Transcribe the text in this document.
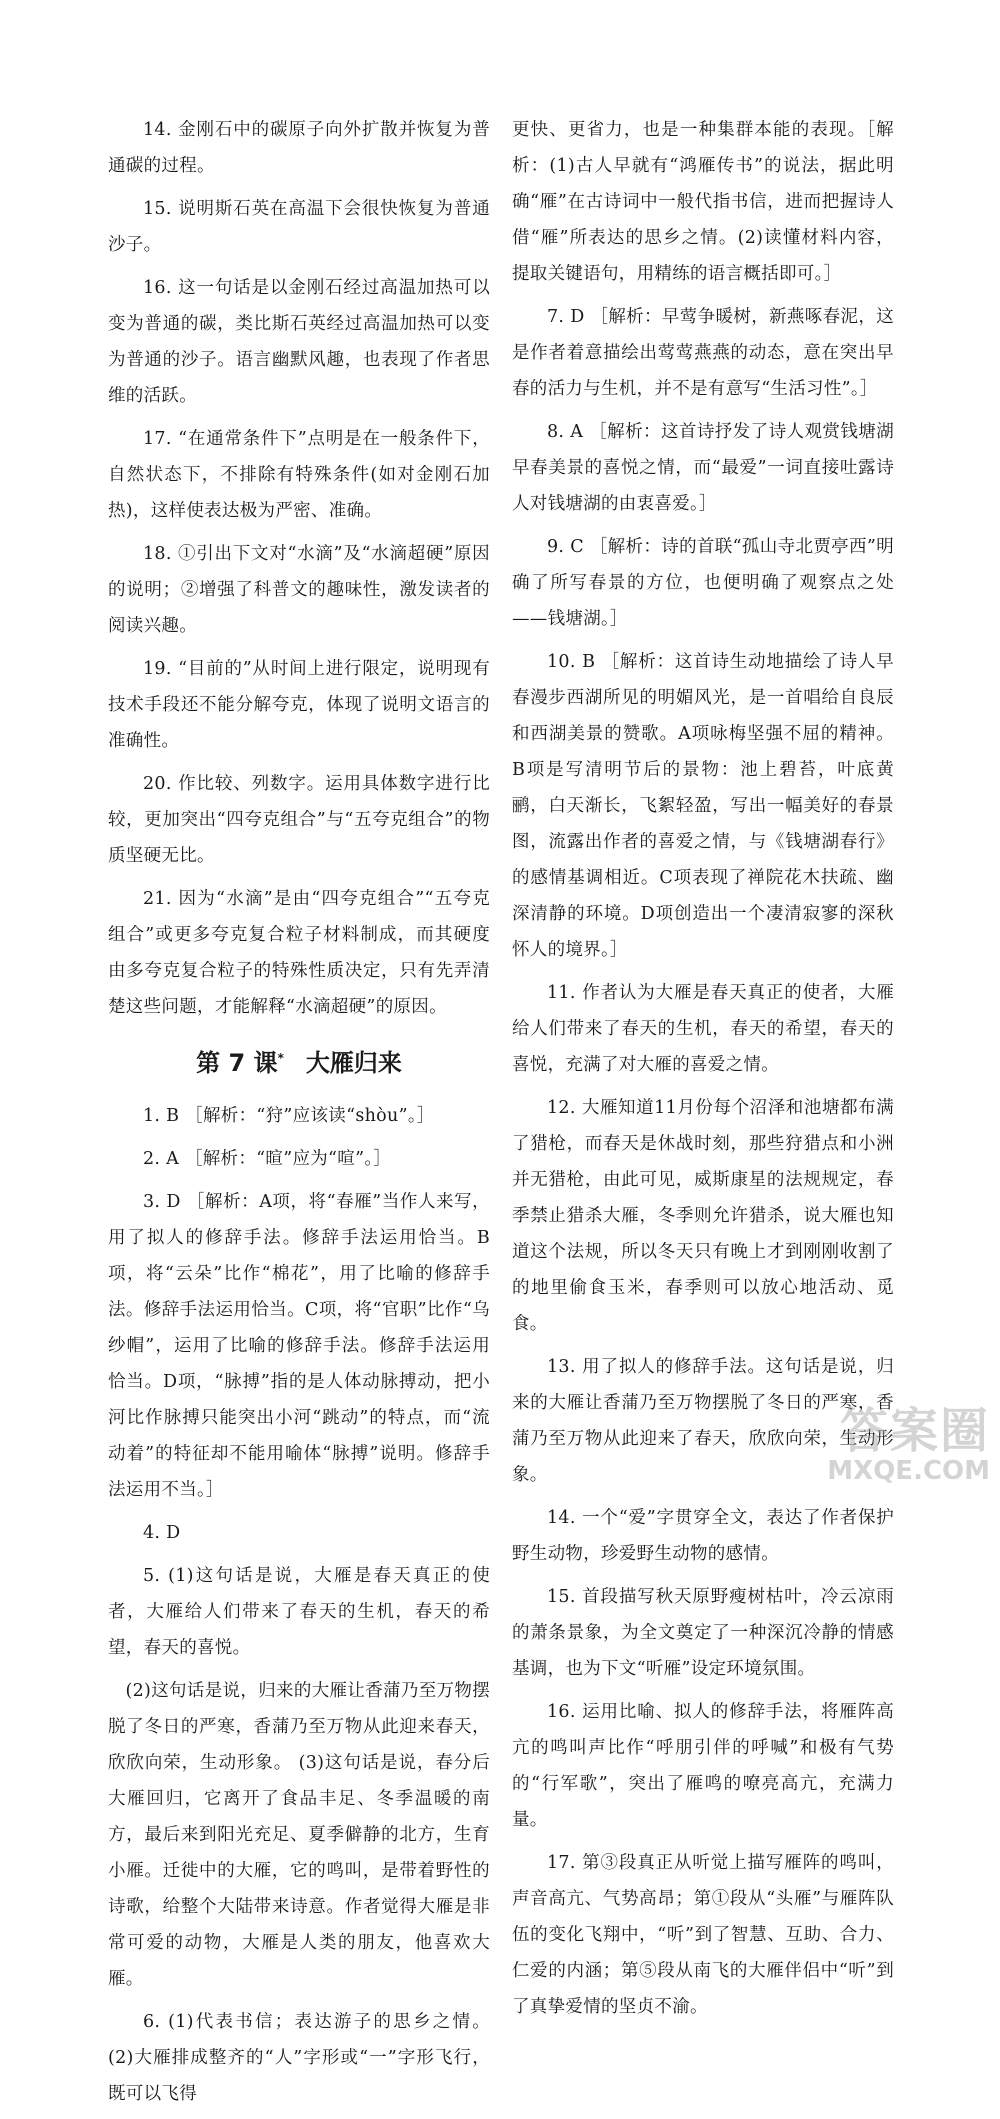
14. 金刚石中的碳原子向外扩散并恢复为普通碳的过程。

15. 说明斯石英在高温下会很快恢复为普通沙子。

16. 这一句话是以金刚石经过高温加热可以变为普通的碳，类比斯石英经过高温加热可以变为普通的沙子。语言幽默风趣，也表现了作者思维的活跃。

17. “在通常条件下”点明是在一般条件下，自然状态下，不排除有特殊条件(如对金刚石加热)，这样使表达极为严密、准确。

18. ①引出下文对“水滴”及“水滴超硬”原因的说明；②增强了科普文的趣味性，激发读者的阅读兴趣。

19. “目前的”从时间上进行限定，说明现有技术手段还不能分解夸克，体现了说明文语言的准确性。

20. 作比较、列数字。运用具体数字进行比较，更加突出“四夸克组合”与“五夸克组合”的物质坚硬无比。

21. 因为“水滴”是由“四夸克组合”“五夸克组合”或更多夸克复合粒子材料制成，而其硬度由多夸克复合粒子的特殊性质决定，只有先弄清楚这些问题，才能解释“水滴超硬”的原因。

第 7 课* 大雁归来

1. B ［解析：“狩”应该读“shòu”。］

2. A ［解析：“暄”应为“喧”。］

3. D ［解析：A项，将“春雁”当作人来写，用了拟人的修辞手法。修辞手法运用恰当。B项，将“云朵”比作“棉花”，用了比喻的修辞手法。修辞手法运用恰当。C项，将“官职”比作“乌纱帽”，运用了比喻的修辞手法。修辞手法运用恰当。D项，“脉搏”指的是人体动脉搏动，把小河比作脉搏只能突出小河“跳动”的特点，而“流动着”的特征却不能用喻体“脉搏”说明。修辞手法运用不当。］

4. D

5. (1)这句话是说，大雁是春天真正的使者，大雁给人们带来了春天的生机，春天的希望，春天的喜悦。

(2)这句话是说，归来的大雁让香蒲乃至万物摆脱了冬日的严寒，香蒲乃至万物从此迎来春天，欣欣向荣，生动形象。 (3)这句话是说，春分后大雁回归，它离开了食品丰足、冬季温暖的南方，最后来到阳光充足、夏季僻静的北方，生育小雁。迁徙中的大雁，它的鸣叫，是带着野性的诗歌，给整个大陆带来诗意。作者觉得大雁是非常可爱的动物，大雁是人类的朋友，他喜欢大雁。

6. (1)代表书信；表达游子的思乡之情。 (2)大雁排成整齐的“人”字形或“一”字形飞行，既可以飞得

更快、更省力，也是一种集群本能的表现。［解析：(1)古人早就有“鸿雁传书”的说法，据此明确“雁”在古诗词中一般代指书信，进而把握诗人借“雁”所表达的思乡之情。(2)读懂材料内容，提取关键语句，用精练的语言概括即可。］

7. D ［解析：早莺争暖树，新燕啄春泥，这是作者着意描绘出莺莺燕燕的动态，意在突出早春的活力与生机，并不是有意写“生活习性”。］

8. A ［解析：这首诗抒发了诗人观赏钱塘湖早春美景的喜悦之情，而“最爱”一词直接吐露诗人对钱塘湖的由衷喜爱。］

9. C ［解析：诗的首联“孤山寺北贾亭西”明确了所写春景的方位，也便明确了观察点之处——钱塘湖。］

10. B ［解析：这首诗生动地描绘了诗人早春漫步西湖所见的明媚风光，是一首唱给自良辰和西湖美景的赞歌。A项咏梅坚强不屈的精神。B项是写清明节后的景物：池上碧苔，叶底黄鹂，白天渐长，飞絮轻盈，写出一幅美好的春景图，流露出作者的喜爱之情，与《钱塘湖春行》的感情基调相近。C项表现了禅院花木扶疏、幽深清静的环境。D项创造出一个凄清寂寥的深秋怀人的境界。］

11. 作者认为大雁是春天真正的使者，大雁给人们带来了春天的生机，春天的希望，春天的喜悦，充满了对大雁的喜爱之情。

12. 大雁知道11月份每个沼泽和池塘都布满了猎枪，而春天是休战时刻，那些狩猎点和小洲并无猎枪，由此可见，威斯康星的法规规定，春季禁止猎杀大雁，冬季则允许猎杀，说大雁也知道这个法规，所以冬天只有晚上才到刚刚收割了的地里偷食玉米，春季则可以放心地活动、觅食。

13. 用了拟人的修辞手法。这句话是说，归来的大雁让香蒲乃至万物摆脱了冬日的严寒，香蒲乃至万物从此迎来了春天，欣欣向荣，生动形象。

14. 一个“爱”字贯穿全文，表达了作者保护野生动物，珍爱野生动物的感情。

15. 首段描写秋天原野瘦树枯叶，冷云凉雨的萧条景象，为全文奠定了一种深沉冷静的情感基调，也为下文“听雁”设定环境氛围。

16. 运用比喻、拟人的修辞手法，将雁阵高亢的鸣叫声比作“呼朋引伴的呼喊”和极有气势的“行军歌”，突出了雁鸣的嘹亮高亢，充满力量。

17. 第③段真正从听觉上描写雁阵的鸣叫，声音高亢、气势高昂；第①段从“头雁”与雁阵队伍的变化飞翔中，“听”到了智慧、互助、合力、仁爱的内涵；第⑤段从南飞的大雁伴侣中“听”到了真挚爱情的坚贞不渝。

答案圈
MXQE.COM
